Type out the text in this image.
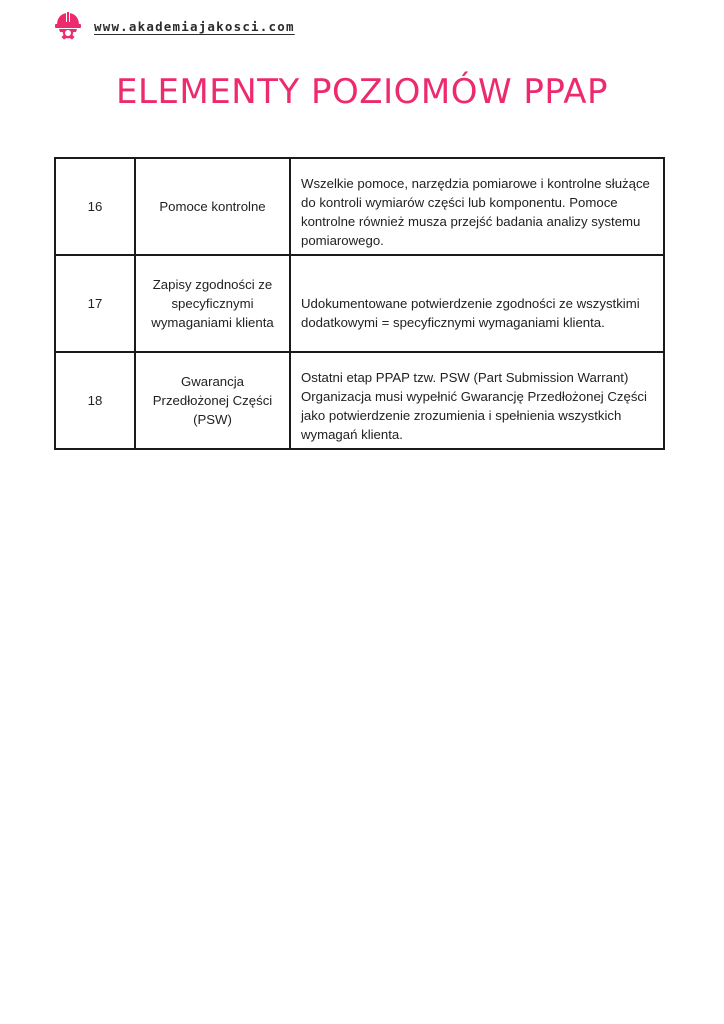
www.akademiajakosci.com
ELEMENTY POZIOMÓW PPAP
16	Pomoce kontrolne	Wszelkie pomoce, narzędzia pomiarowe i kontrolne służące do kontroli wymiarów części lub komponentu. Pomoce kontrolne również musza przejść badania analizy systemu pomiarowego.

17	Zapisy zgodności ze specyficznymi wymaganiami klienta	Udokumentowane potwierdzenie zgodności ze wszystkimi dodatkowymi = specyficznymi wymaganiami klienta.

18	Gwarancja Przedłożonej Części (PSW)	Ostatni etap PPAP tzw. PSW (Part Submission Warrant) Organizacja musi wypełnić Gwarancję Przedłożonej Części jako potwierdzenie zrozumienia i spełnienia wszystkich wymagań klienta.
